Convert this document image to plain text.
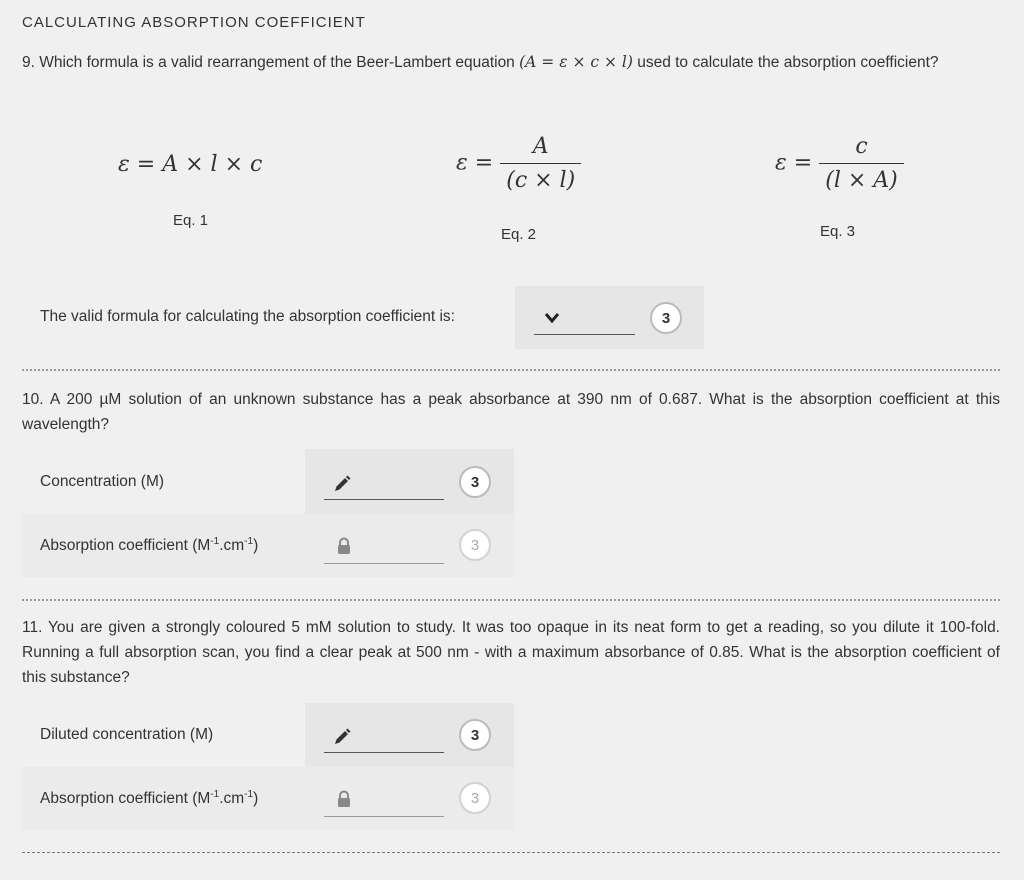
CALCULATING ABSORPTION COEFFICIENT
9. Which formula is a valid rearrangement of the Beer-Lambert equation (A = ε × c × l) used to calculate the absorption coefficient?
ε = A × l × c
Eq. 1
$\varepsilon = \frac{A}{(c \times l)}$
Eq. 2
$\varepsilon = \frac{c}{(l \times A)}$
Eq. 3
The valid formula for calculating the absorption coefficient is:	3
10. A 200 µM solution of an unknown substance has a peak absorbance at 390 nm of 0.687. What is the absorption coefficient at this wavelength?
Concentration (M)	3
Absorption coefficient $(M^{-1}.cm^{-1})$	3
11. You are given a strongly coloured 5 mM solution to study. It was too opaque in its neat form to get a reading, so you dilute it 100-fold. Running a full absorption scan, you find a clear peak at 500 nm - with a maximum absorbance of 0.85. What is the absorption coefficient of this substance?
Diluted concentration (M)	3
Absorption coefficient $(M^{-1}.cm^{-1})$	3
